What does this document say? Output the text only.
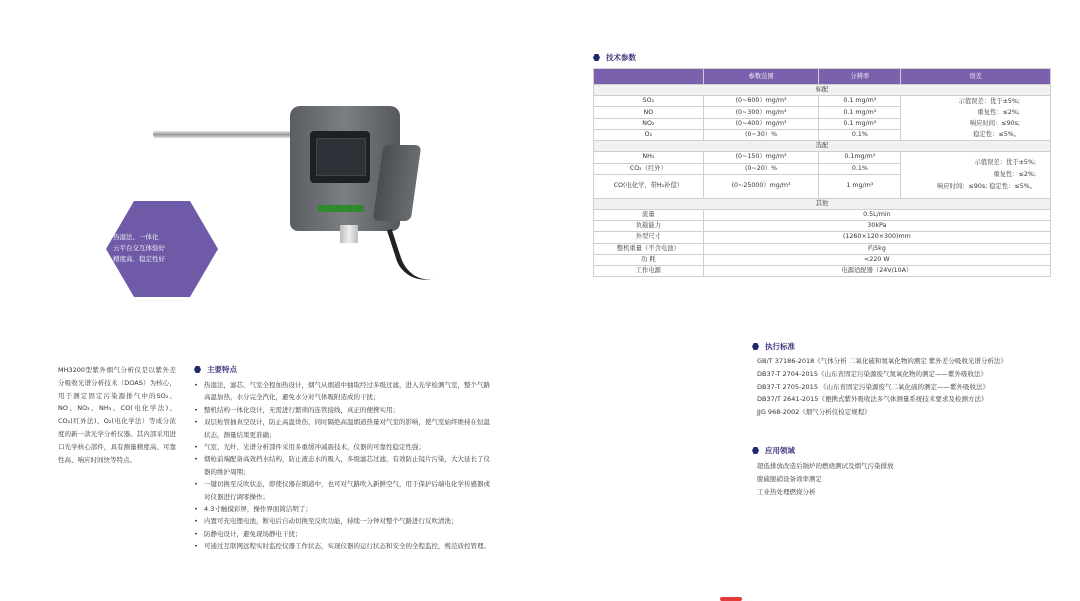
热湿法、一体化
云平台交互体验好
精度高、稳定性好
MH3200型紫外烟气分析仪是以紫外差分吸收光谱分析技术（DOAS）为核心，用于测定固定污染源排气中的SO₂、NO、NO₂、NH₃、CO(电化学法)、CO₂(红外法)、O₂(电化学法）等成分浓度的新一款光学分析仪器。其内部采用进口光学核心部件，具有测量精度高、可靠性高、响应时间快等特点。
主要特点
• 热湿法，滤芯、气室全程加热设计，烟气从烟道中抽取经过多级过滤，进入光学检测气室，整个气路高温加热，水分完全汽化，避免水分对气体吸附造成的干扰；
• 整机结构一体化设计，无需进行繁琐的连管接线，真正的便携实用；
• 双层枪管抽真空设计，防止高温烫伤，同时隔绝高温烟道热量对气室的影响，使气室始终维持在恒温状态，测量结果更准确；
• 气室、光纤、光谱分析部件采用多重缓冲减震技术，仪器的可靠性稳定性强；
• 烟枪前端配备高效挡水结构，防止液态水的吸入，多级滤芯过滤，有效防止镜片污染，大大延长了仪器的维护周期；
• 一键切换至反吹状态，即使仪器在烟道中，也可对气路吹入新鲜空气，用于保护后端电化学传感器或对仪器进行调零操作；
• 4.3寸触摸彩屏，操作界面简洁明了；
• 内置可充电锂电池，断电后自动切换至反吹功能，持续一分钟对整个气路进行反吹清洗；
• 防静电设计，避免现场静电干扰；
• 可通过互联网远程实时监控仪器工作状态，实现仪器的运行状态和安全的全程监控，规范质控管理。
技术参数
	参数范围	分辨率	误差
标配			
SO₂	(0~600）mg/m³	0.1 mg/m³	示值误差：优于±5%;
重复性：≤2%;
响应时间：≤90s;
稳定性：≤5%。

NO	(0~300）mg/m³	0.1 mg/m³	
NO₂	(0~400）mg/m³	0.1 mg/m³	
O₂	(0~30）%	0.1%	
选配			
NH₃	(0~150）mg/m³	0.1mg/m³	示值误差：优于±5%;
重复性：≤2%;
响应时间：≤90s; 稳定性：≤5%。

CO₂（红外）	(0~20）%	0.1%	
CO(电化学，带H₂补偿）	(0~25000）mg/m³	1 mg/m³	
其他			
流量	0.5L/min		
负载能力	30kPa		
外型尺寸	(1260×120×300)mm		
整机重量（不含电池）	约5kg		
功 耗	<220 W		
工作电源	电源适配器（24V/10A）		
执行标准
GB/T 37186-2018《气体分析 二氧化硫和氮氧化物的测定 紫外差分吸收光谱分析法》
DB37-T 2704-2015《山东省固定污染源废气氮氧化物的测定——紫外吸收法》
DB37-T 2705-2015 《山东省固定污染源废气二氧化硫的测定——紫外吸收法》
DB37/T 2641-2015《便携式紫外吸收法多气体测量系统技术要求及检测方法》
JJG 968-2002《烟气分析仪检定规程》
应用领域
超低排放改造后锅炉的燃烧测试及烟气污染排放
脱硫脱硝设备效率测定
工业热处理燃烧分析
